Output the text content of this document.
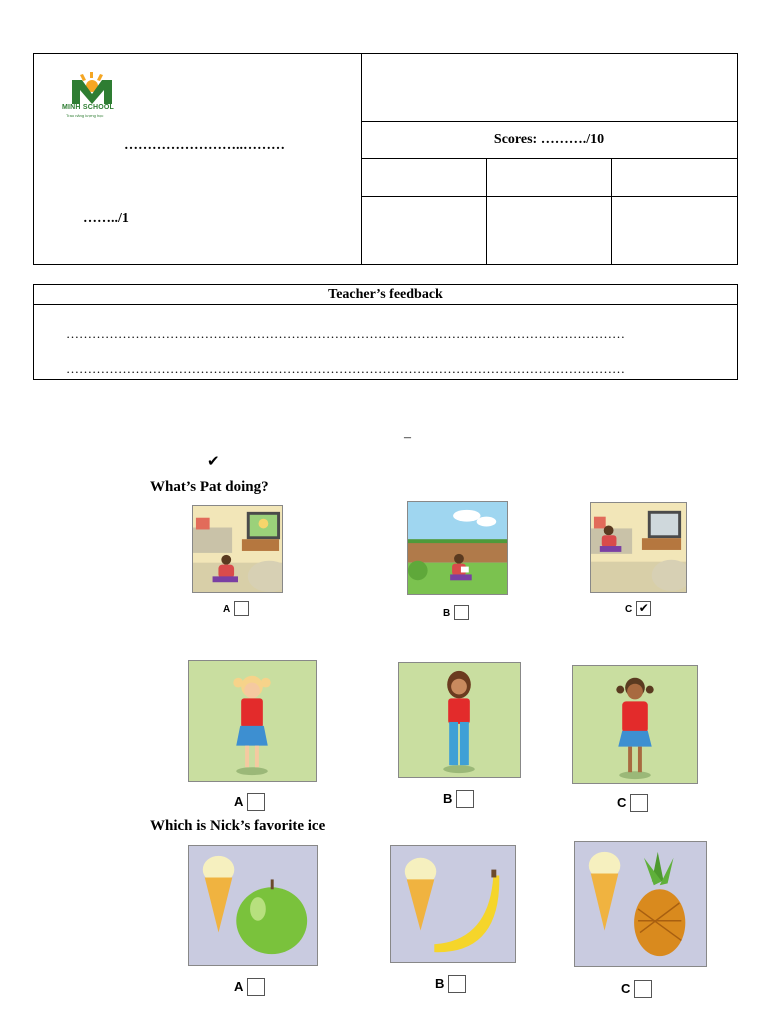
MINH SCHOOL
Trao năng lượng học
……………………..………
……../1
Scores: ………./10
Teacher’s feedback
…………………………………………………………………………………………………………………
…………………………………………………………………………………………………………………
–
✔
What’s Pat doing?
A	B	C ✔
A	B	C
Which is Nick’s favorite ice
A	B	C
